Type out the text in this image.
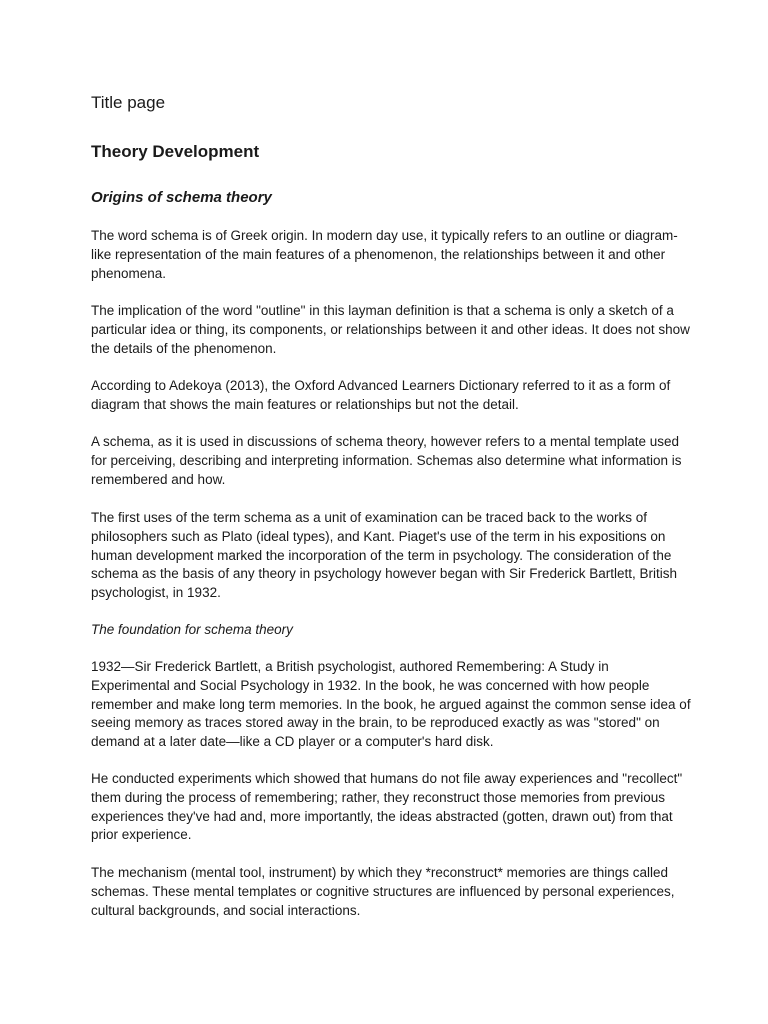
Title page

Theory Development
Origins of schema theory

The word schema is of Greek origin. In modern day use, it typically refers to an outline or diagram-like representation of the main features of a phenomenon, the relationships between it and other phenomena.

The implication of the word "outline" in this layman definition is that a schema is only a sketch of a particular idea or thing, its components, or relationships between it and other ideas. It does not show the details of the phenomenon.

According to Adekoya (2013), the Oxford Advanced Learners Dictionary referred to it as a form of diagram that shows the main features or relationships but not the detail.

A schema, as it is used in discussions of schema theory, however refers to a mental template used for perceiving, describing and interpreting information. Schemas also determine what information is remembered and how.

The first uses of the term schema as a unit of examination can be traced back to the works of philosophers such as Plato (ideal types), and Kant. Piaget's use of the term in his expositions on human development marked the incorporation of the term in psychology. The consideration of the schema as the basis of any theory in psychology however began with Sir Frederick Bartlett, British psychologist, in 1932.

The foundation for schema theory

1932—Sir Frederick Bartlett, a British psychologist, authored Remembering: A Study in Experimental and Social Psychology in 1932. In the book, he was concerned with how people remember and make long term memories. In the book, he argued against the common sense idea of seeing memory as traces stored away in the brain, to be reproduced exactly as was "stored" on demand at a later date—like a CD player or a computer's hard disk.

He conducted experiments which showed that humans do not file away experiences and "recollect" them during the process of remembering; rather, they reconstruct those memories from previous experiences they've had and, more importantly, the ideas abstracted (gotten, drawn out) from that prior experience.

The mechanism (mental tool, instrument) by which they *reconstruct* memories are things called schemas. These mental templates or cognitive structures are influenced by personal experiences, cultural backgrounds, and social interactions.
